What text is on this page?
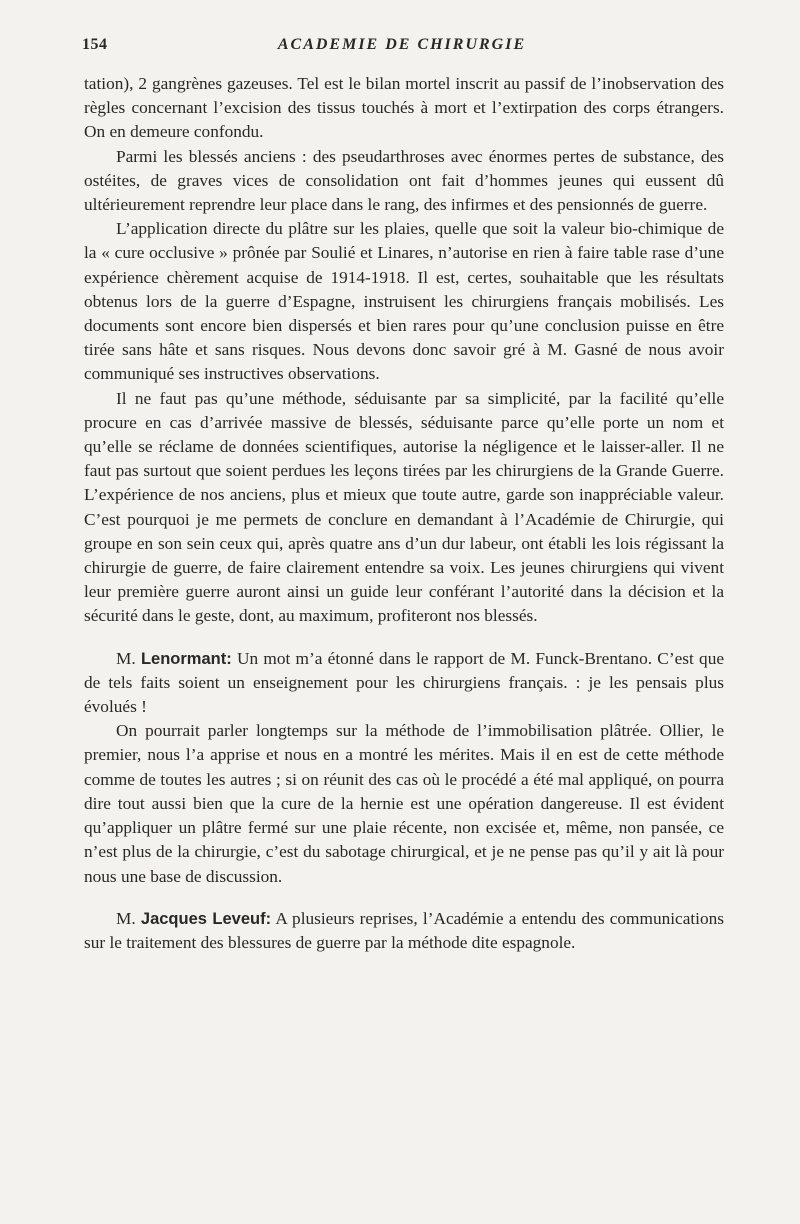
154	ACADEMIE DE CHIRURGIE

tation), 2 gangrènes gazeuses. Tel est le bilan mortel inscrit au passif de l’inobservation des règles concernant l’excision des tissus touchés à mort et l’extirpation des corps étrangers. On en demeure confondu.

Parmi les blessés anciens : des pseudarthroses avec énormes pertes de substance, des ostéites, de graves vices de consolidation ont fait d’hommes jeunes qui eussent dû ultérieurement reprendre leur place dans le rang, des infirmes et des pensionnés de guerre.

L’application directe du plâtre sur les plaies, quelle que soit la valeur bio-chimique de la « cure occlusive » prônée par Soulié et Linares, n’autorise en rien à faire table rase d’une expérience chèrement acquise de 1914-1918. Il est, certes, souhaitable que les résultats obtenus lors de la guerre d’Espagne, instruisent les chirurgiens français mobilisés. Les documents sont encore bien dispersés et bien rares pour qu’une conclusion puisse en être tirée sans hâte et sans risques. Nous devons donc savoir gré à M. Gasné de nous avoir communiqué ses instructives observations.

Il ne faut pas qu’une méthode, séduisante par sa simplicité, par la facilité qu’elle procure en cas d’arrivée massive de blessés, séduisante parce qu’elle porte un nom et qu’elle se réclame de données scientifiques, autorise la négligence et le laisser-aller. Il ne faut pas surtout que soient perdues les leçons tirées par les chirurgiens de la Grande Guerre. L’expérience de nos anciens, plus et mieux que toute autre, garde son inappréciable valeur. C’est pourquoi je me permets de conclure en demandant à l’Académie de Chirurgie, qui groupe en son sein ceux qui, après quatre ans d’un dur labeur, ont établi les lois régissant la chirurgie de guerre, de faire clairement entendre sa voix. Les jeunes chirurgiens qui vivent leur première guerre auront ainsi un guide leur conférant l’autorité dans la décision et la sécurité dans le geste, dont, au maximum, profiteront nos blessés.

M. Lenormant: Un mot m’a étonné dans le rapport de M. Funck-Brentano. C’est que de tels faits soient un enseignement pour les chirurgiens français. : je les pensais plus évolués !

On pourrait parler longtemps sur la méthode de l’immobilisation plâtrée. Ollier, le premier, nous l’a apprise et nous en a montré les mérites. Mais il en est de cette méthode comme de toutes les autres ; si on réunit des cas où le procédé a été mal appliqué, on pourra dire tout aussi bien que la cure de la hernie est une opération dangereuse. Il est évident qu’appliquer un plâtre fermé sur une plaie récente, non excisée et, même, non pansée, ce n’est plus de la chirurgie, c’est du sabotage chirurgical, et je ne pense pas qu’il y ait là pour nous une base de discussion.

M. Jacques Leveuf: A plusieurs reprises, l’Académie a entendu des communications sur le traitement des blessures de guerre par la méthode dite espagnole.
